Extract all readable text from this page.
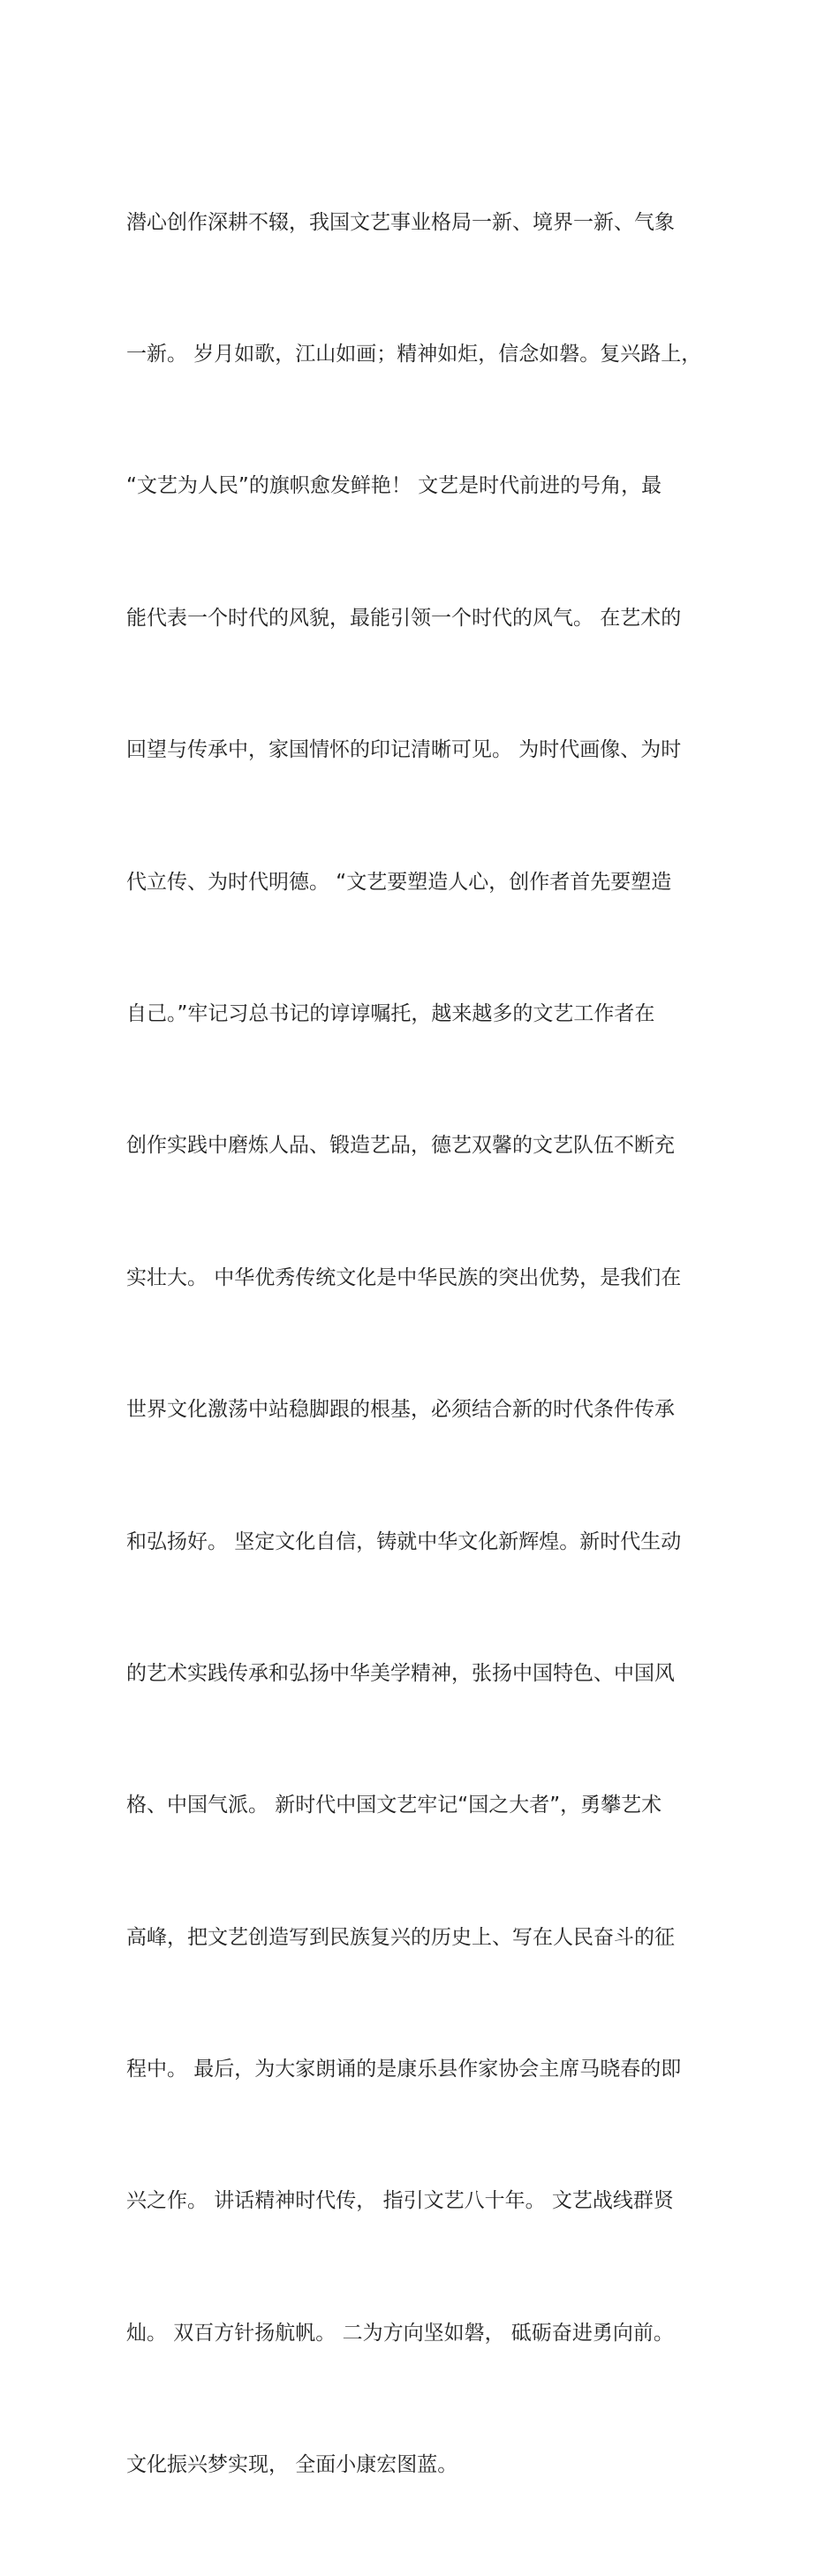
潜心创作深耕不辍，我国文艺事业格局一新、境界一新、气象

一新。 岁月如歌，江山如画；精神如炬，信念如磐。复兴路上，

“文艺为人民”的旗帜愈发鲜艳！ 文艺是时代前进的号角，最

能代表一个时代的风貌，最能引领一个时代的风气。 在艺术的

回望与传承中，家国情怀的印记清晰可见。 为时代画像、为时

代立传、为时代明德。 “文艺要塑造人心，创作者首先要塑造

自己。”牢记习总书记的谆谆嘱托，越来越多的文艺工作者在

创作实践中磨炼人品、锻造艺品，德艺双馨的文艺队伍不断充

实壮大。 中华优秀传统文化是中华民族的突出优势，是我们在

世界文化激荡中站稳脚跟的根基，必须结合新的时代条件传承

和弘扬好。 坚定文化自信，铸就中华文化新辉煌。新时代生动

的艺术实践传承和弘扬中华美学精神，张扬中国特色、中国风

格、中国气派。 新时代中国文艺牢记“国之大者”，勇攀艺术

高峰，把文艺创造写到民族复兴的历史上、写在人民奋斗的征

程中。 最后，为大家朗诵的是康乐县作家协会主席马晓春的即

兴之作。 讲话精神时代传， 指引文艺八十年。 文艺战线群贤

灿。 双百方针扬航帆。 二为方向坚如磐， 砥砺奋进勇向前。

文化振兴梦实现， 全面小康宏图蓝。
